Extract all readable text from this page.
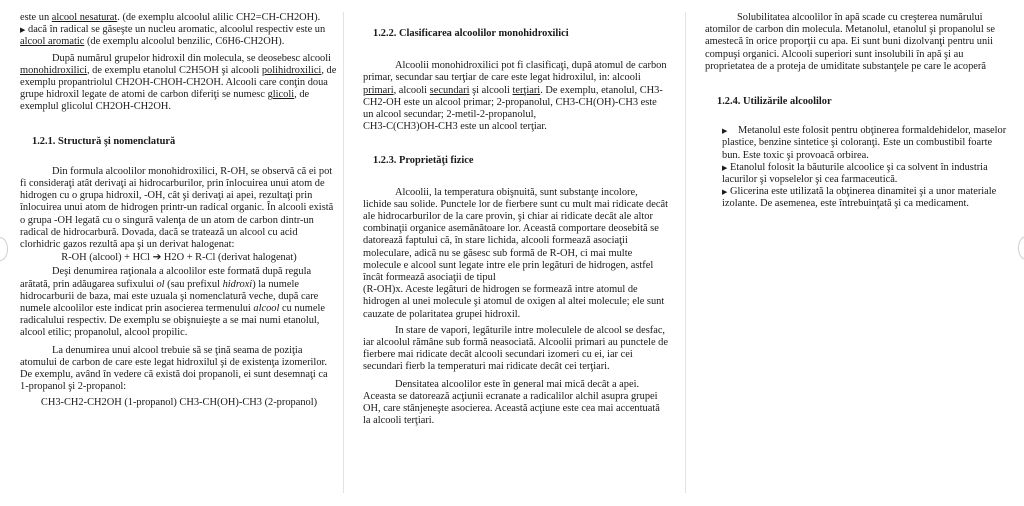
este un alcool nesaturat. (de exemplu alcoolul alilic CH2=CH-CH2OH).

▶ dacă în radical se găseşte un nucleu aromatic, alcoolul respectiv este un alcool aromatic (de exemplu alcoolul benzilic, C6H6-CH2OH).

După numărul grupelor hidroxil din molecula, se deosebesc alcooli monohidroxilici, de exemplu etanolul C2H5OH şi alcooli polihidroxilici, de exemplu propantriolul CH2OH-CHOH-CH2OH. Alcooli care conţin doua grupe hidroxil legate de atomi de carbon diferiţi se numesc glicoli, de exemplul glicolul CH2OH-CH2OH.

1.2.1. Structură şi nomenclatură

Din formula alcoolilor monohidroxilici, R-OH, se observă că ei pot fi consideraţi atât derivaţi ai hidrocarburilor, prin înlocuirea unui atom de hidrogen cu o grupa hidroxil, -OH, cât şi derivaţi ai apei, rezultaţi prin înlocuirea unui atom de hidrogen printr-un radical organic. În alcooli există o grupa -OH legată cu o singură valenţa de un atom de carbon dintr-un radical de hidrocarbură. Dovada, dacă se tratează un alcool cu acid clorhidric gazos rezultă apa şi un derivat halogenat:

R-OH (alcool) + HCl ➔ H2O + R-Cl (derivat halogenat)

Deşi denumirea raţionala a alcoolilor este formată după regula arătată, prin adăugarea sufixului ol (sau prefixul hidroxi) la numele hidrocarburii de baza, mai este uzuala şi nomenclatură veche, după care numele alcoolilor este indicat prin asocierea termenului alcool cu numele radicalului respectiv. De exemplu se obişnuieşte a se mai numi etanolul, alcool etilic; propanolul, alcool propilic.

La denumirea unui alcool trebuie să se ţină seama de poziţia atomului de carbon de care este legat hidroxilul şi de existenţa izomerilor. De exemplu, având în vedere că există doi propanoli, ei sunt desemnaţi ca 1-propanol şi 2-propanol:

CH3-CH2-CH2OH (1-propanol) CH3-CH(OH)-CH3 (2-propanol)

1.2.2. Clasificarea alcoolilor monohidroxilici

Alcoolii monohidroxilici pot fi clasificaţi, după atomul de carbon primar, secundar sau terţiar de care este legat hidroxilul, in: alcooli primari, alcooli secundari şi alcooli terţiari. De exemplu, etanolul, CH3-CH2-OH este un alcool primar; 2-propanolul, CH3-CH(OH)-CH3 este un alcool secundar; 2-metil-2-propanolul,

CH3-C(CH3)OH-CH3 este un alcool terţiar.

1.2.3. Proprietăţi fizice

Alcoolii, la temperatura obişnuită, sunt substanţe incolore, lichide sau solide. Punctele lor de fierbere sunt cu mult mai ridicate decât ale hidrocarburilor de la care provin, şi chiar ai ridicate decât ale altor combinaţii organice asemănătoare lor. Această comportare deosebită se datorează faptului că, în stare lichida, alcooli formează asociaţii moleculare, adică nu se găsesc sub formă de R-OH, ci mai multe molecule e alcool sunt legate intre ele prin legături de hidrogen, astfel încât formează asociaţii de tipul

(R-OH)x. Aceste legături de hidrogen se formează intre atomul de hidrogen al unei molecule şi atomul de oxigen al altei molecule; ele sunt cauzate de polaritatea grupei hidroxil.

In stare de vapori, legăturile intre moleculele de alcool se desfac, iar alcoolul rămâne sub formă neasociată. Alcoolii primari au punctele de fierbere mai ridicate decât alcooli secundari izomeri cu ei, iar cei secundari fierb la temperaturi mai ridicate decât cei terţiari.

Densitatea alcoolilor este în general mai mică decât a apei. Aceasta se datorează acţiunii ecranate a radicalilor alchil asupra grupei OH, care stânjeneşte asocierea. Această acţiune este cea mai accentuată la alcooli terţiari.

Solubilitatea alcoolilor în apă scade cu creşterea numărului atomilor de carbon din molecula. Metanolul, etanolul şi propanolul se amestecă în orice proporţii cu apa. Ei sunt buni dizolvanţi pentru unii compuşi organici. Alcooli superiori sunt insolubili în apă şi au proprietatea de a proteja de umiditate substanţele pe care le acoperă

1.2.4. Utilizările alcoolilor

▶ Metanolul este folosit pentru obţinerea formaldehidelor, maselor plastice, benzine sintetice şi coloranţi. Este un combustibil foarte bun. Este toxic şi provoacă orbirea.

▶ Etanolul folosit la băuturile alcoolice şi ca solvent în industria lacurilor şi vopselelor şi cea farmaceutică.

▶ Glicerina este utilizată la obţinerea dinamitei şi a unor materiale izolante. De asemenea, este întrebuinţată şi ca medicament.
